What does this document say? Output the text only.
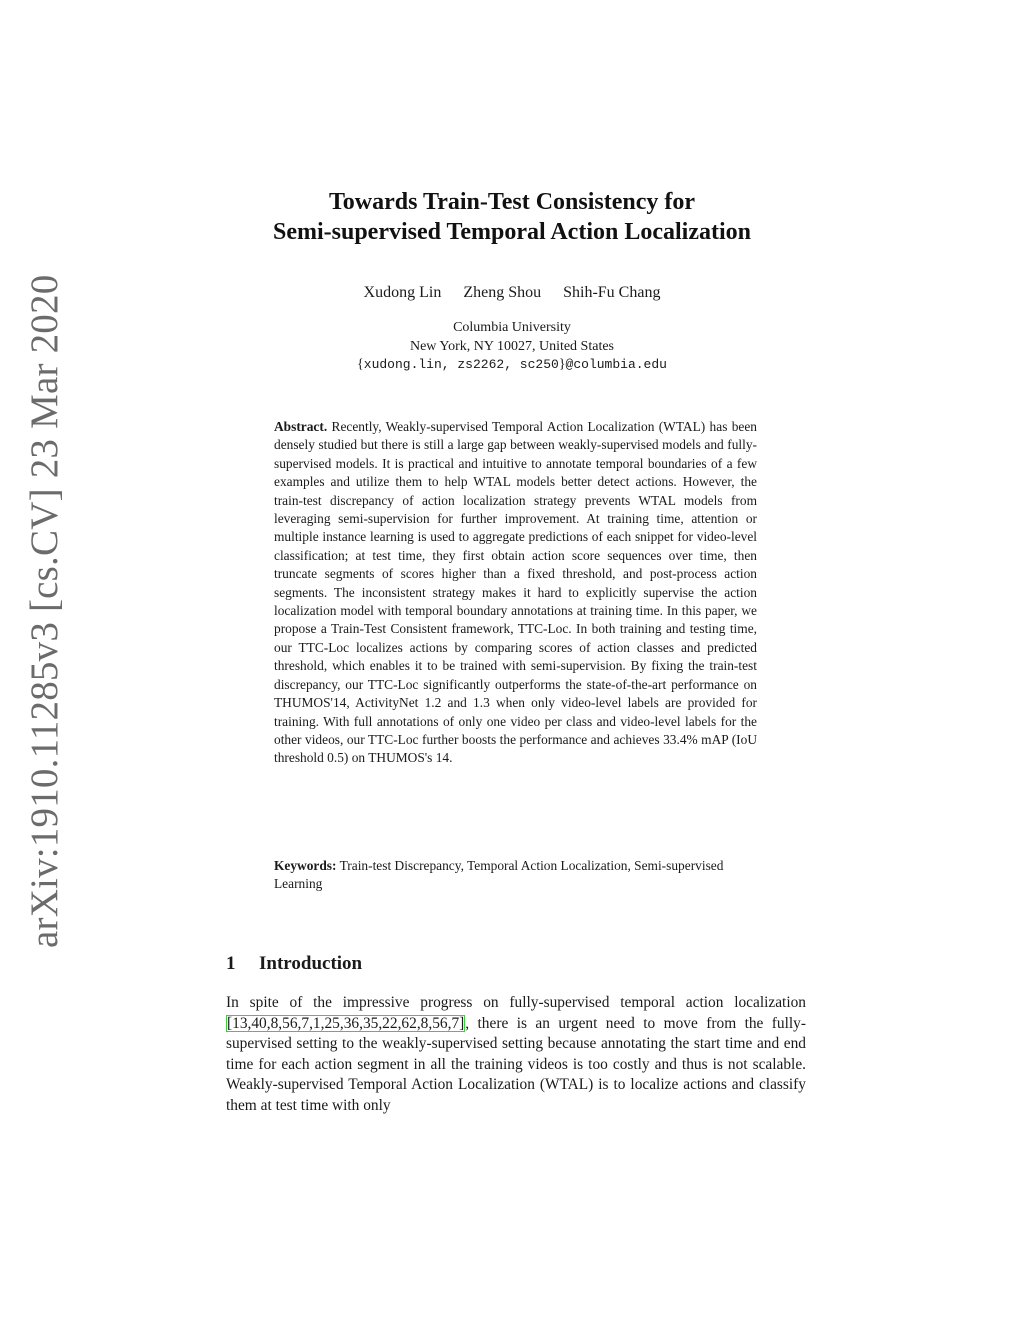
arXiv:1910.11285v3 [cs.CV] 23 Mar 2020
Towards Train-Test Consistency for
Semi-supervised Temporal Action Localization
Xudong Lin Zheng Shou Shih-Fu Chang
Columbia University
New York, NY 10027, United States
{xudong.lin, zs2262, sc250}@columbia.edu
Abstract. Recently, Weakly-supervised Temporal Action Localization (WTAL) has been densely studied but there is still a large gap between weakly-supervised models and fully-supervised models. It is practical and intuitive to annotate temporal boundaries of a few examples and utilize them to help WTAL models better detect actions. However, the train-test discrepancy of action localization strategy prevents WTAL models from leveraging semi-supervision for further improvement. At training time, attention or multiple instance learning is used to aggregate predictions of each snippet for video-level classification; at test time, they first obtain action score sequences over time, then truncate segments of scores higher than a fixed threshold, and post-process action segments. The inconsistent strategy makes it hard to explicitly supervise the action localization model with temporal boundary annotations at training time. In this paper, we propose a Train-Test Consistent framework, TTC-Loc. In both training and testing time, our TTC-Loc localizes actions by comparing scores of action classes and predicted threshold, which enables it to be trained with semi-supervision. By fixing the train-test discrepancy, our TTC-Loc significantly outperforms the state-of-the-art performance on THUMOS'14, ActivityNet 1.2 and 1.3 when only video-level labels are provided for training. With full annotations of only one video per class and video-level labels for the other videos, our TTC-Loc further boosts the performance and achieves 33.4% mAP (IoU threshold 0.5) on THUMOS's 14.
Keywords: Train-test Discrepancy, Temporal Action Localization, Semi-supervised Learning
1 Introduction
In spite of the impressive progress on fully-supervised temporal action localization [13,40,8,56,7,1,25,36,35,22,62,8,56,7], there is an urgent need to move from the fully-supervised setting to the weakly-supervised setting because annotating the start time and end time for each action segment in all the training videos is too costly and thus is not scalable. Weakly-supervised Temporal Action Localization (WTAL) is to localize actions and classify them at test time with only
